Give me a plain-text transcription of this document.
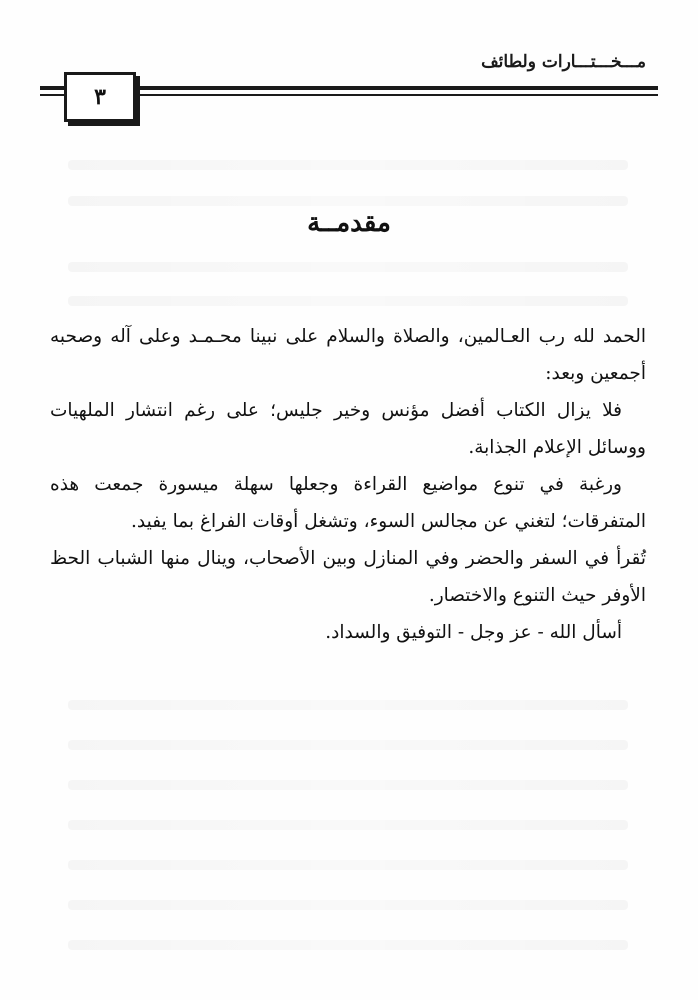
مـــخـــتـــارات ولطائف
٣
مقدمــة

الحمد لله رب العـالمين، والصلاة والسلام على نبينا محـمـد وعلى آله وصحبه أجمعين وبعد:

فلا يزال الكتاب أفضل مؤنس وخير جليس؛ على رغم انتشار الملهيات ووسائل الإعلام الجذابة.

ورغبة في تنوع مواضيع القراءة وجعلها سهلة ميسورة جمعت هذه المتفرقات؛ لتغني عن مجالس السوء، وتشغل أوقات الفراغ بما يفيد.

تُقرأ في السفر والحضر وفي المنازل وبين الأصحاب، وينال منها الشباب الحظ الأوفر حيث التنوع والاختصار.

أسأل الله - عز وجل - التوفيق والسداد.
